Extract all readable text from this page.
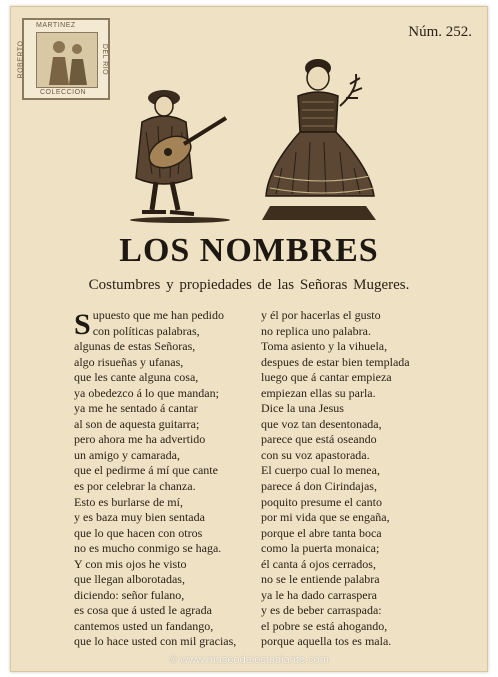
MARTINEZ
ROBERTO	DEL RIO
COLECCION
Núm. 252.
LOS NOMBRES
Costumbres y propiedades de las Señoras Mugeres.
S upuesto que me han pedido
con políticas palabras,
algunas de estas Señoras,
algo risueñas y ufanas,
que les cante alguna cosa,
ya obedezco á lo que mandan;
ya me he sentado á cantar
al son de aquesta guitarra;
pero ahora me ha advertido
un amigo y camarada,
que el pedirme á mí que cante
es por celebrar la chanza.
Esto es burlarse de mí,
y es baza muy bien sentada
que lo que hacen con otros
no es mucho conmigo se haga.
Y con mis ojos he visto
que llegan alborotadas,
diciendo: señor fulano,
es cosa que á usted le agrada
cantemos usted un fandango,
que lo hace usted con mil gracias,
y él por hacerlas el gusto
no replica uno palabra.
Toma asiento y la vihuela,
despues de estar bien templada
luego que á cantar empieza
empiezan ellas su parla.
Dice la una Jesus
que voz tan desentonada,
parece que está oseando
con su voz apastorada.
El cuerpo cual lo menea,
parece á don Cirindajas,
poquito presume el canto
por mi vida que se engaña,
porque el abre tanta boca
como la puerta monaica;
él canta á ojos cerrados,
no se le entiende palabra
ya le ha dado carraspera
y es de beber carraspada:
el pobre se está ahogando,
porque aquella tos es mala.
© www.museodelestudiante.com
